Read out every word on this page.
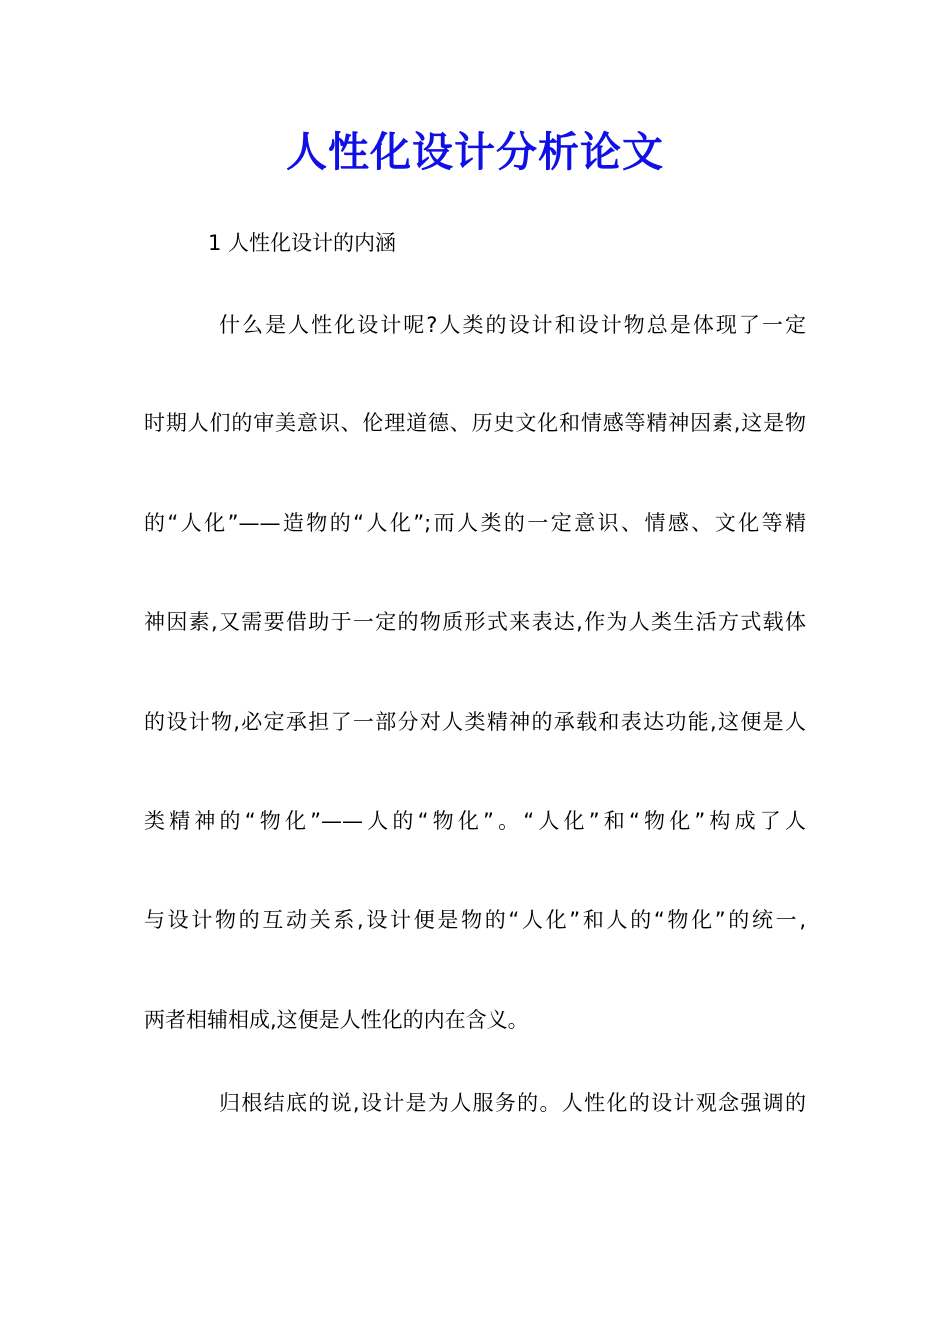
人性化设计分析论文
1 人性化设计的内涵
什么是人性化设计呢?人类的设计和设计物总是体现了一定
时期人们的审美意识、伦理道德、历史文化和情感等精神因素,这是物
的“人化”——造物的“人化”;而人类的一定意识、情感、文化等精
神因素,又需要借助于一定的物质形式来表达,作为人类生活方式载体
的设计物,必定承担了一部分对人类精神的承载和表达功能,这便是人
类精神的“物化”——人的“物化”。“人化”和“物化”构成了人
与设计物的互动关系,设计便是物的“人化”和人的“物化”的统一,
两者相辅相成,这便是人性化的内在含义。
归根结底的说,设计是为人服务的。人性化的设计观念强调的
